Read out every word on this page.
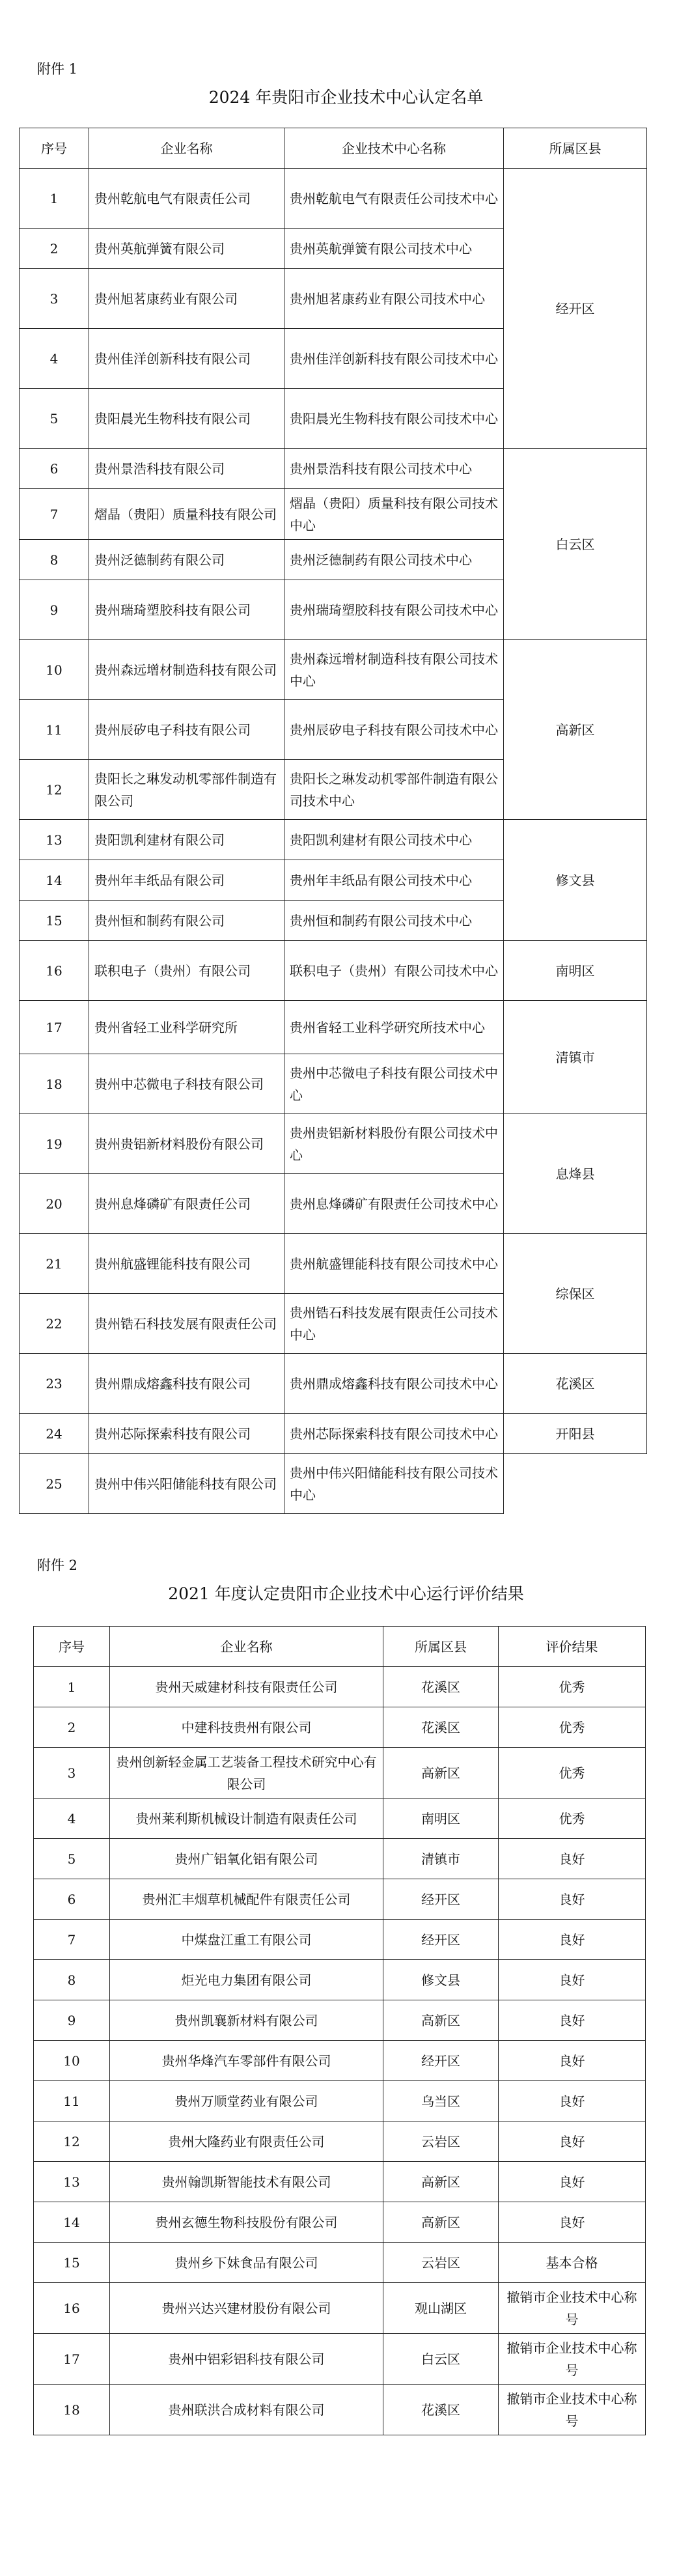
附件 1
2024 年贵阳市企业技术中心认定名单
序号	企业名称	企业技术中心名称	所属区县
1	贵州乾航电气有限责任公司	贵州乾航电气有限责任公司技术中心	经开区
2	贵州英航弹簧有限公司	贵州英航弹簧有限公司技术中心	
3	贵州旭茗康药业有限公司	贵州旭茗康药业有限公司技术中心	
4	贵州佳洋创新科技有限公司	贵州佳洋创新科技有限公司技术中心	
5	贵阳晨光生物科技有限公司	贵阳晨光生物科技有限公司技术中心	
6	贵州景浩科技有限公司	贵州景浩科技有限公司技术中心	白云区
7	熠晶（贵阳）质量科技有限公司	熠晶（贵阳）质量科技有限公司技术中心	
8	贵州泛德制药有限公司	贵州泛德制药有限公司技术中心	
9	贵州瑞琦塑胶科技有限公司	贵州瑞琦塑胶科技有限公司技术中心	
10	贵州森远增材制造科技有限公司	贵州森远增材制造科技有限公司技术中心	高新区
11	贵州辰矽电子科技有限公司	贵州辰矽电子科技有限公司技术中心	
12	贵阳长之琳发动机零部件制造有限公司	贵阳长之琳发动机零部件制造有限公司技术中心	
13	贵阳凯利建材有限公司	贵阳凯利建材有限公司技术中心	修文县
14	贵州年丰纸品有限公司	贵州年丰纸品有限公司技术中心	
15	贵州恒和制药有限公司	贵州恒和制药有限公司技术中心	
16	联积电子（贵州）有限公司	联积电子（贵州）有限公司技术中心	南明区
17	贵州省轻工业科学研究所	贵州省轻工业科学研究所技术中心	清镇市
18	贵州中芯微电子科技有限公司	贵州中芯微电子科技有限公司技术中心	
19	贵州贵铝新材料股份有限公司	贵州贵铝新材料股份有限公司技术中心	息烽县
20	贵州息烽磷矿有限责任公司	贵州息烽磷矿有限责任公司技术中心	
21	贵州航盛锂能科技有限公司	贵州航盛锂能科技有限公司技术中心	综保区
22	贵州锆石科技发展有限责任公司	贵州锆石科技发展有限责任公司技术中心	
23	贵州鼎成熔鑫科技有限公司	贵州鼎成熔鑫科技有限公司技术中心	花溪区
24	贵州芯际探索科技有限公司	贵州芯际探索科技有限公司技术中心	开阳县
25	贵州中伟兴阳储能科技有限公司	贵州中伟兴阳储能科技有限公司技术中心	
附件 2
2021 年度认定贵阳市企业技术中心运行评价结果
序号	企业名称	所属区县	评价结果
1	贵州天威建材科技有限责任公司	花溪区	优秀
2	中建科技贵州有限公司	花溪区	优秀
3	贵州创新轻金属工艺装备工程技术研究中心有限公司	高新区	优秀
4	贵州莱利斯机械设计制造有限责任公司	南明区	优秀
5	贵州广铝氧化铝有限公司	清镇市	良好
6	贵州汇丰烟草机械配件有限责任公司	经开区	良好
7	中煤盘江重工有限公司	经开区	良好
8	炬光电力集团有限公司	修文县	良好
9	贵州凯襄新材料有限公司	高新区	良好
10	贵州华烽汽车零部件有限公司	经开区	良好
11	贵州万顺堂药业有限公司	乌当区	良好
12	贵州大隆药业有限责任公司	云岩区	良好
13	贵州翰凯斯智能技术有限公司	高新区	良好
14	贵州玄德生物科技股份有限公司	高新区	良好
15	贵州乡下妹食品有限公司	云岩区	基本合格
16	贵州兴达兴建材股份有限公司	观山湖区	撤销市企业技术中心称号
17	贵州中铝彩铝科技有限公司	白云区	撤销市企业技术中心称号
18	贵州联洪合成材料有限公司	花溪区	撤销市企业技术中心称号
